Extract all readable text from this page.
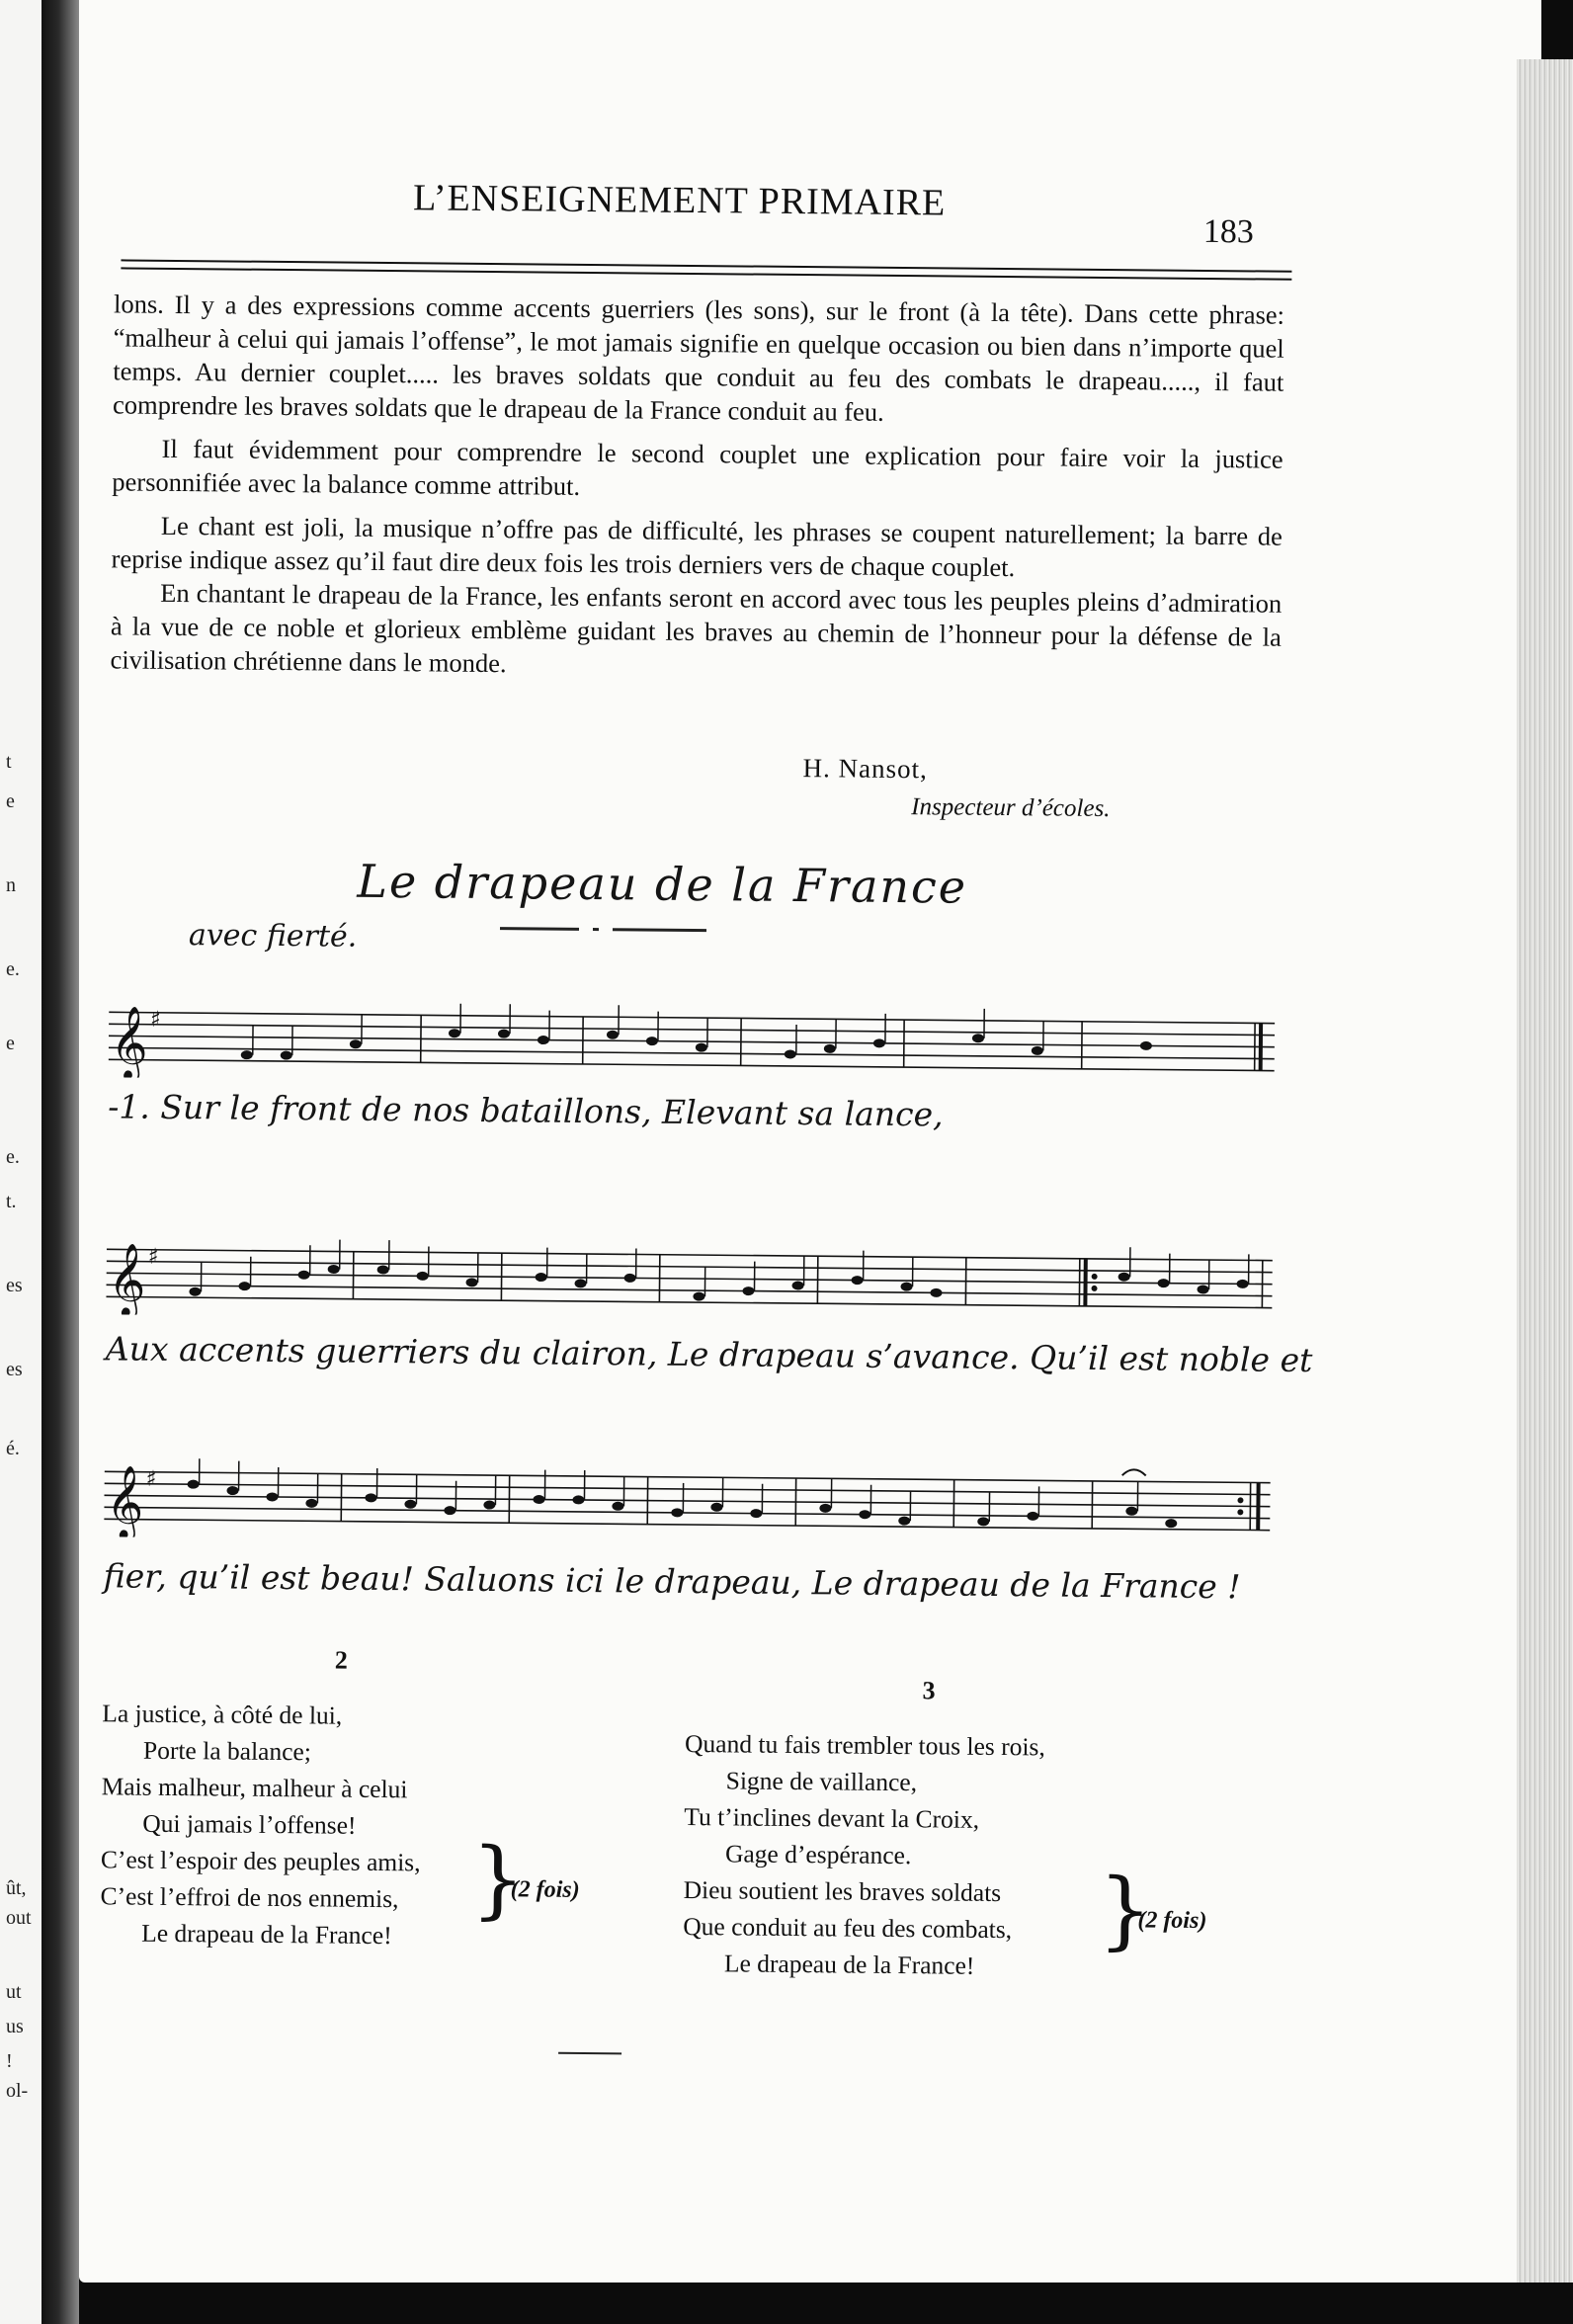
t
e
n
e.
e
e.
t.
es
es
é.
ût,
out
ut
us
!
ol-
L’ENSEIGNEMENT PRIMAIRE
183

lons. Il y a des expressions comme accents guerriers (les sons), sur le front (à la tête). Dans cette phrase: “malheur à celui qui jamais l’offense”, le mot jamais signifie en quelque occasion ou bien dans n’importe quel temps. Au dernier couplet..... les braves soldats que conduit au feu des combats le drapeau....., il faut comprendre les braves soldats que le drapeau de la France conduit au feu.

Il faut évidemment pour comprendre le second couplet une explication pour faire voir la justice personnifiée avec la balance comme attribut.

Le chant est joli, la musique n’offre pas de difficulté, les phrases se coupent naturellement; la barre de reprise indique assez qu’il faut dire deux fois les trois derniers vers de chaque couplet.

En chantant le drapeau de la France, les enfants seront en accord avec tous les peuples pleins d’admiration à la vue de ce noble et glorieux emblème guidant les braves au chemin de l’honneur pour la défense de la civilisation chrétienne dans le monde.

H. Nansot,
Inspecteur d’écoles.
Le drapeau de la France
avec fierté.
𝄞 ♯
-1. Sur le front de nos bataillons, Elevant sa lance,
𝄞 ♯
Aux accents guerriers du clairon, Le drapeau s’avance. Qu’il est noble et
𝄞 ♯
fier, qu’il est beau! Saluons ici le drapeau, Le drapeau de la France !
2
La justice, à côté de lui,
Porte la balance;
Mais malheur, malheur à celui
Qui jamais l’offense!
C’est l’espoir des peuples amis,
C’est l’effroi de nos ennemis,
Le drapeau de la France!
}
(2 fois)
3
Quand tu fais trembler tous les rois,
Signe de vaillance,
Tu t’inclines devant la Croix,
Gage d’espérance.
Dieu soutient les braves soldats
Que conduit au feu des combats,
Le drapeau de la France!
}
(2 fois)
